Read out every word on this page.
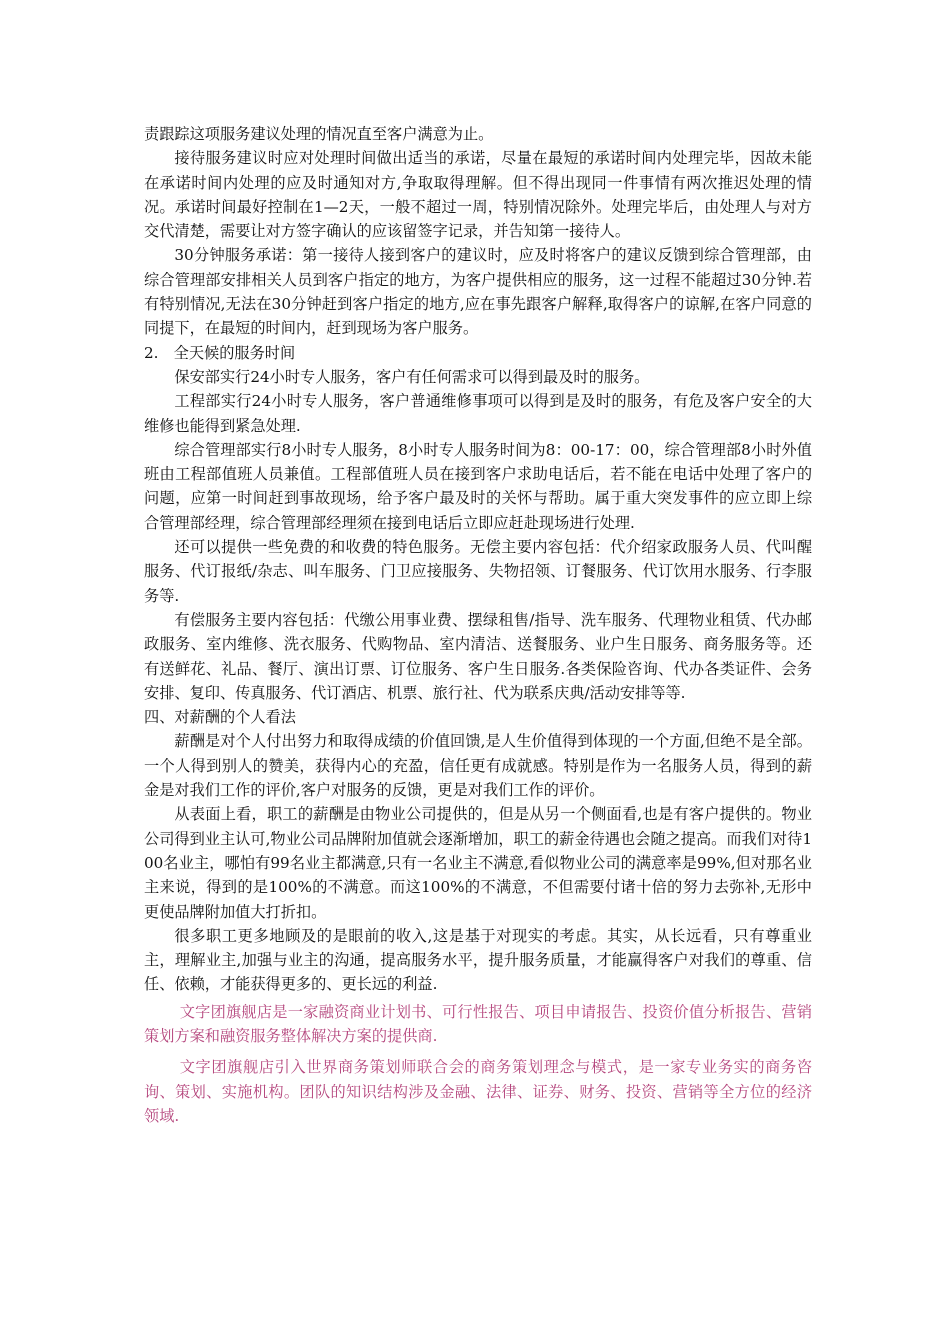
责跟踪这项服务建议处理的情况直至客户满意为止。

接待服务建议时应对处理时间做出适当的承诺，尽量在最短的承诺时间内处理完毕，因故未能在承诺时间内处理的应及时通知对方,争取取得理解。但不得出现同一件事情有两次推迟处理的情况。承诺时间最好控制在1—2天，一般不超过一周，特别情况除外。处理完毕后，由处理人与对方交代清楚，需要让对方签字确认的应该留签字记录，并告知第一接待人。

30分钟服务承诺：第一接待人接到客户的建议时，应及时将客户的建议反馈到综合管理部，由综合管理部安排相关人员到客户指定的地方，为客户提供相应的服务，这一过程不能超过30分钟.若有特别情况,无法在30分钟赶到客户指定的地方,应在事先跟客户解释,取得客户的谅解,在客户同意的同提下，在最短的时间内，赶到现场为客户服务。

2.　全天候的服务时间

保安部实行24小时专人服务，客户有任何需求可以得到最及时的服务。

工程部实行24小时专人服务，客户普通维修事项可以得到是及时的服务，有危及客户安全的大维修也能得到紧急处理.

综合管理部实行8小时专人服务，8小时专人服务时间为8：00-17：00，综合管理部8小时外值班由工程部值班人员兼值。工程部值班人员在接到客户求助电话后，若不能在电话中处理了客户的问题，应第一时间赶到事故现场，给予客户最及时的关怀与帮助。属于重大突发事件的应立即上综合管理部经理，综合管理部经理须在接到电话后立即应赶赴现场进行处理.

还可以提供一些免费的和收费的特色服务。无偿主要内容包括：代介绍家政服务人员、代叫醒服务、代订报纸/杂志、叫车服务、门卫应接服务、失物招领、订餐服务、代订饮用水服务、行李服务等.

有偿服务主要内容包括：代缴公用事业费、摆绿租售/指导、洗车服务、代理物业租赁、代办邮政服务、室内维修、洗衣服务、代购物品、室内清洁、送餐服务、业户生日服务、商务服务等。还有送鲜花、礼品、餐厅、演出订票、订位服务、客户生日服务.各类保险咨询、代办各类证件、会务安排、复印、传真服务、代订酒店、机票、旅行社、代为联系庆典/活动安排等等.

四、对薪酬的个人看法

薪酬是对个人付出努力和取得成绩的价值回馈,是人生价值得到体现的一个方面,但绝不是全部。一个人得到别人的赞美，获得内心的充盈，信任更有成就感。特别是作为一名服务人员，得到的薪金是对我们工作的评价,客户对服务的反馈，更是对我们工作的评价。

从表面上看，职工的薪酬是由物业公司提供的，但是从另一个侧面看,也是有客户提供的。物业公司得到业主认可,物业公司品牌附加值就会逐渐增加，职工的薪金待遇也会随之提高。而我们对待100名业主，哪怕有99名业主都满意,只有一名业主不满意,看似物业公司的满意率是99%,但对那名业主来说，得到的是100%的不满意。而这100%的不满意，不但需要付诸十倍的努力去弥补,无形中更使品牌附加值大打折扣。

很多职工更多地顾及的是眼前的收入,这是基于对现实的考虑。其实，从长远看，只有尊重业主，理解业主,加强与业主的沟通，提高服务水平，提升服务质量，才能赢得客户对我们的尊重、信任、依赖，才能获得更多的、更长远的利益.

文字团旗舰店是一家融资商业计划书、可行性报告、项目申请报告、投资价值分析报告、营销策划方案和融资服务整体解决方案的提供商.

文字团旗舰店引入世界商务策划师联合会的商务策划理念与模式，是一家专业务实的商务咨询、策划、实施机构。团队的知识结构涉及金融、法律、证券、财务、投资、营销等全方位的经济领域.
